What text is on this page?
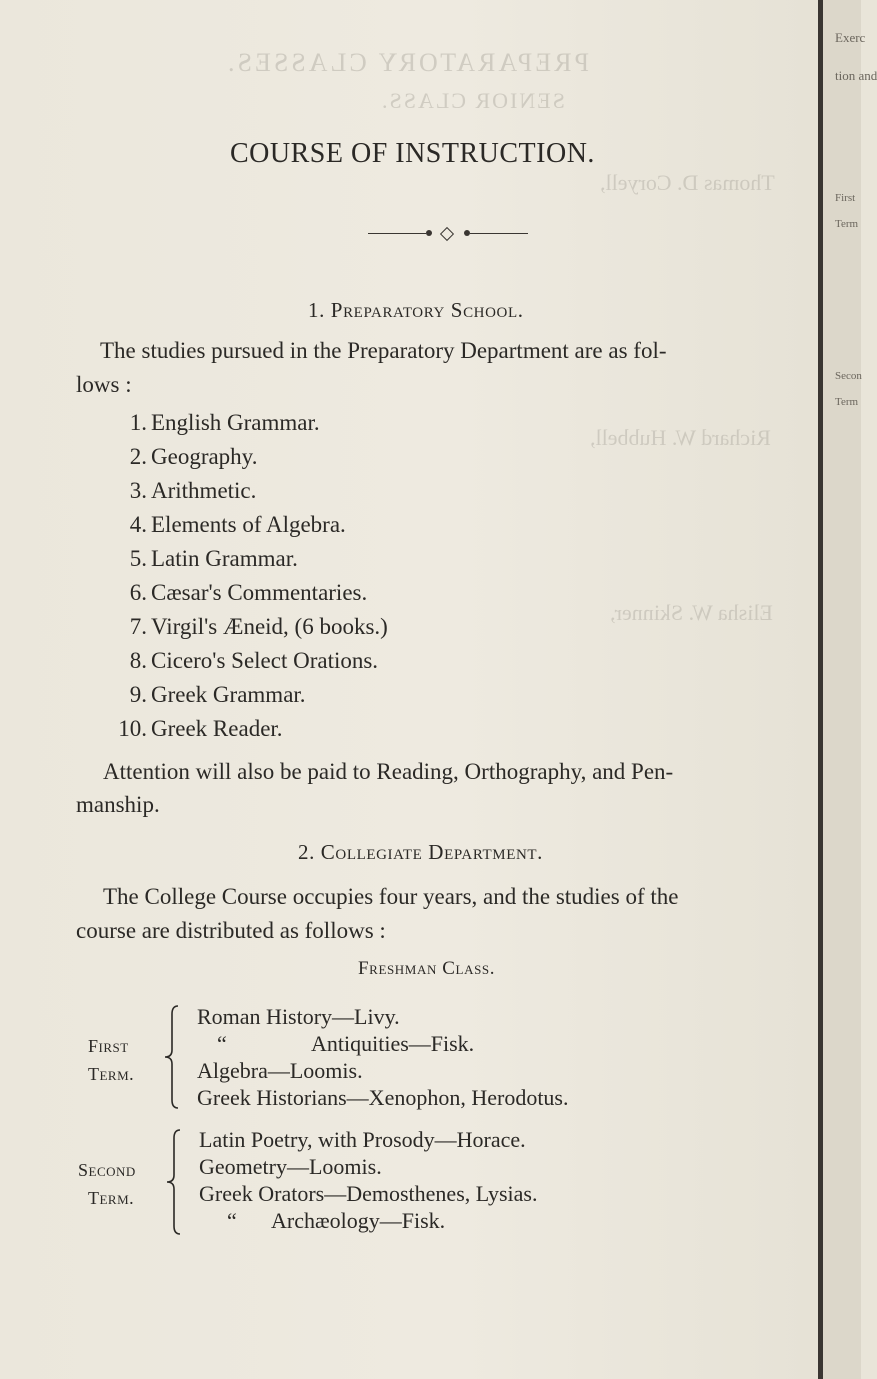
PREPARATORY CLASSES.
SENIOR CLASS.
Thomas D. Coryell,
Richard W. Hubbell,
Elisha W. Skinner,
COURSE OF INSTRUCTION.
1. Preparatory School.
The studies pursued in the Preparatory Department are as fol-
lows :
1. English Grammar.
2. Geography.
3. Arithmetic.
4. Elements of Algebra.
5. Latin Grammar.
6. Cæsar's Commentaries.
7. Virgil's Æneid, (6 books.)
8. Cicero's Select Orations.
9. Greek Grammar.
10. Greek Reader.
Attention will also be paid to Reading, Orthography, and Pen-
manship.
2. Collegiate Department.
The College Course occupies four years, and the studies of the
course are distributed as follows :
Freshman Class.
First
Term.
Roman History—Livy.
“	Antiquities—Fisk.
Algebra—Loomis.
Greek Historians—Xenophon, Herodotus.
Second
Term.
Latin Poetry, with Prosody—Horace.
Geometry—Loomis.
Greek Orators—Demosthenes, Lysias.
“ Archæology—Fisk.
Exerc
tion and
First
Term
Secon
Term
